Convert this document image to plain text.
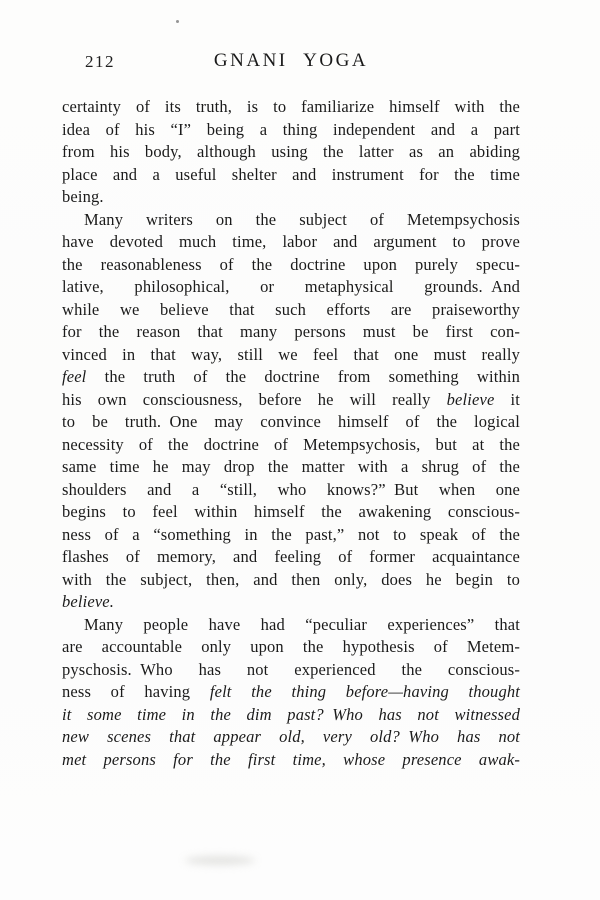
212	GNANI YOGA
certainty of its truth, is to familiarize himself with the
idea of his “I” being a thing independent and a part
from his body, although using the latter as an abiding
place and a useful shelter and instrument for the time
being.
Many writers on the subject of Metempsychosis
have devoted much time, labor and argument to prove
the reasonableness of the doctrine upon purely specu-
lative, philosophical, or metaphysical grounds. And
while we believe that such efforts are praiseworthy
for the reason that many persons must be first con-
vinced in that way, still we feel that one must really
feel the truth of the doctrine from something within
his own consciousness, before he will really believe it
to be truth. One may convince himself of the logical
necessity of the doctrine of Metempsychosis, but at the
same time he may drop the matter with a shrug of the
shoulders and a “still, who knows?” But when one
begins to feel within himself the awakening conscious-
ness of a “something in the past,” not to speak of the
flashes of memory, and feeling of former acquaintance
with the subject, then, and then only, does he begin to
believe.
Many people have had “peculiar experiences” that
are accountable only upon the hypothesis of Metem-
pyschosis. Who has not experienced the conscious-
ness of having felt the thing before—having thought
it some time in the dim past? Who has not witnessed
new scenes that appear old, very old? Who has not
met persons for the first time, whose presence awak-
